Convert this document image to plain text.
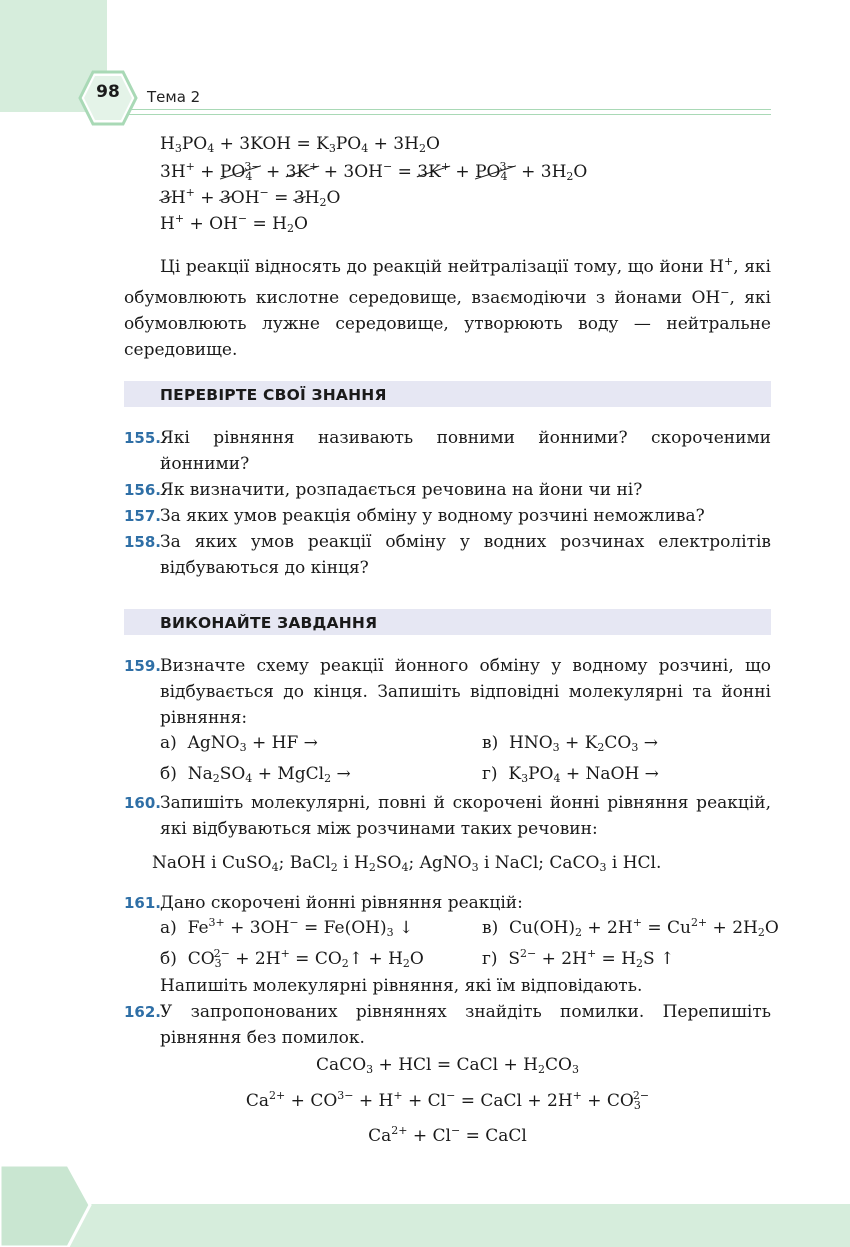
98	Тема 2
$H_3PO_4 + 3KOH = K_3PO_4 + 3H_2O$
$3H^+ + PO_4^{3-} + 3K^+ + 3OH^- = 3K^+ + PO_4^{3-} + 3H_2O$
$3H^+ + 3OH^- = 3H_2O$
$H^+ + OH^- = H_2O$
Ці реакції відносять до реакцій нейтралізації тому, що йони H+, які обумовлюють кислотне середовище, взаємодіючи з йонами OH−, які обумовлюють лужне середовище, утворюють воду — нейтральне середовище.
ПЕРЕВІРТЕ СВОЇ ЗНАННЯ
155.
Які рівняння називають повними йонними? скороченими йонними?
156.
Як визначити, розпадається речовина на йони чи ні?
157.
За яких умов реакція обміну у водному розчині неможлива?
158.
За яких умов реакції обміну у водних розчинах електролітів відбуваються до кінця?
ВИКОНАЙТЕ ЗАВДАННЯ
159.
Визначте схему реакції йонного обміну у водному розчині, що відбувається до кінця. Запишіть відповідні молекулярні та йонні рівняння:
а) AgNO$_3$ + HF →	в) $HNO_3 + K_2CO_3$ →
б) $Na_2SO_4$ + MgCl$_2$ →	г) $K_3PO_4$ + NaOH →
160.
Запишіть молекулярні, повні й скорочені йонні рівняння реакцій, які відбуваються між розчинами таких речовин:
NaOH і CuSO$_4$; BaCl$_2$ і $H_2SO_4$; AgNO$_3$ і NaCl; CaCO$_3$ і HCl.
161.
Дано скорочені йонні рівняння реакцій:
а) $Fe^{3+} + 3OH^- = Fe(OH)_3$ ↓	в) $Cu(OH)_2 + 2H^+ = Cu^{2+} + 2H_2O$
б) $CO_3^{2-} + 2H^+$ = $CO_2↑ + H_2O$	г) $S^{2-} + 2H^+ = H_2S$ ↑
Напишіть молекулярні рівняння, які їм відповідають.
162.
У запропонованих рівняннях знайдіть помилки. Перепишіть рівняння без помилок.
CaCO$_3$ + HCl = CaCl + $H_2CO_3$
$Ca^{2+} + CO^{3-} + H^+ + Cl^-$ = CaCl + $2H^+ + CO_3^{2-}$
$Ca^{2+} + Cl^-$ = CaCl
